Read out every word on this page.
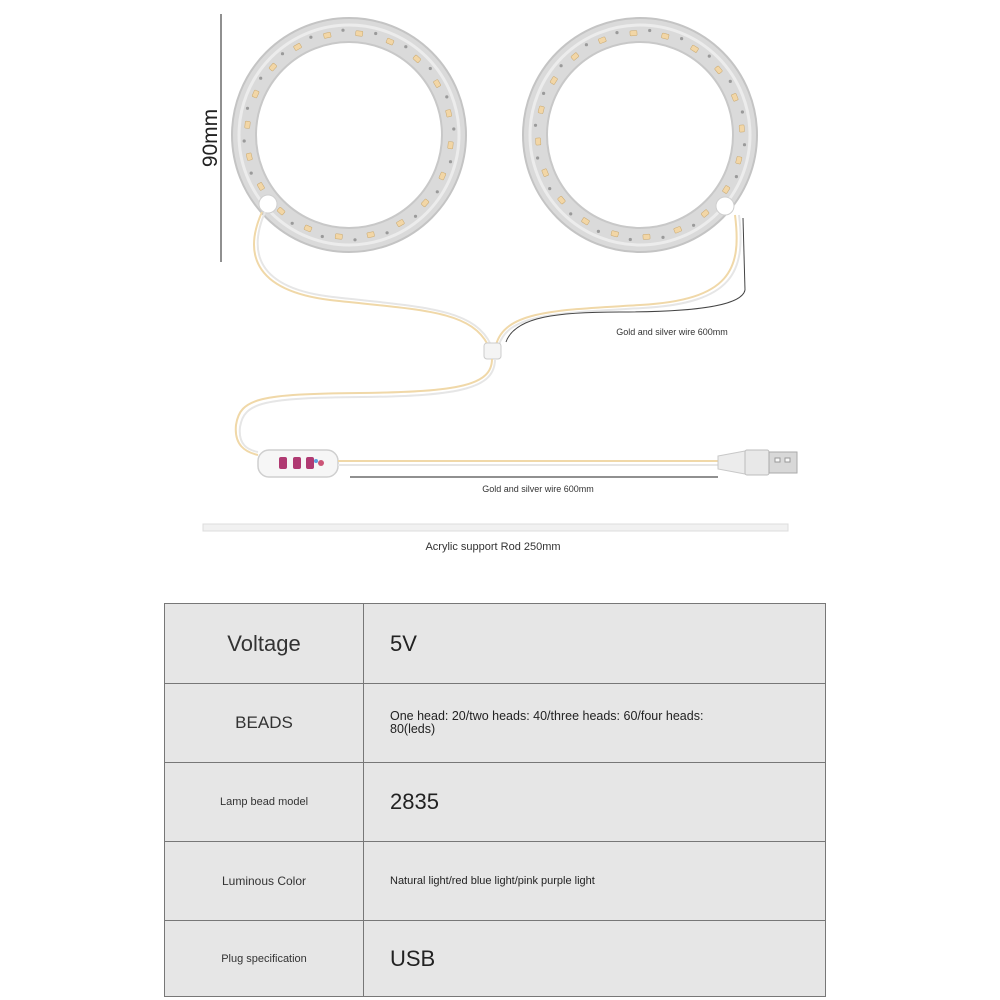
90mm
Gold and silver wire 600mm
Gold and silver wire 600mm
Acrylic support Rod 250mm
Voltage	5V
BEADS	One head: 20/two heads: 40/three heads: 60/four heads: 80(leds)

Lamp bead model	2835
Luminous Color	Natural light/red blue light/pink purple light
Plug specification	USB
